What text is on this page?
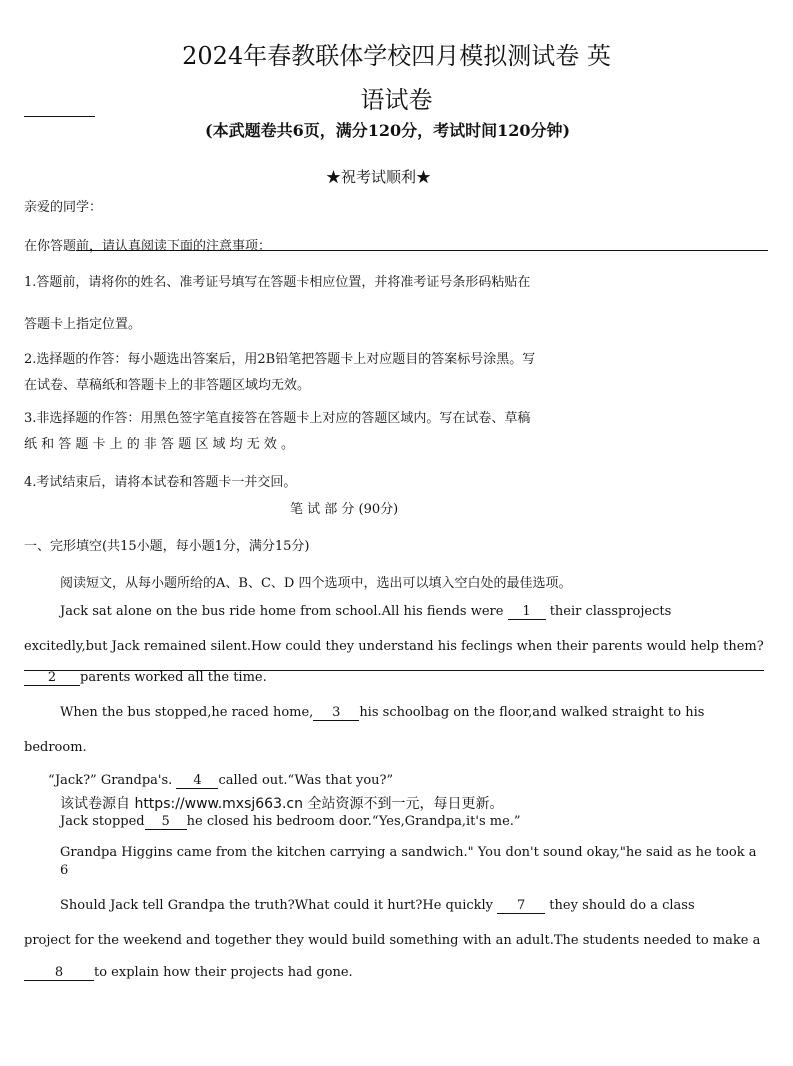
2024年春教联体学校四月模拟测试卷 英
语试卷
(本武题卷共6页，满分120分，考试时间120分钟)
★祝考试顺利★
亲爱的同学：
在你答题前，请认真阅读下面的注意事项：
1.答题前，请将你的姓名、准考证号填写在答题卡相应位置，并将准考证号条形码粘贴在
答题卡上指定位置。
2.选择题的作答：每小题选出答案后，用2B铅笔把答题卡上对应题目的答案标号涂黑。写
在试卷、草稿纸和答题卡上的非答题区域均无效。
3.非选择题的作答：用黑色签字笔直接答在答题卡上对应的答题区域内。写在试卷、草稿
纸 和 答 题 卡 上 的 非 答 题 区 域 均 无 效 。
4.考试结束后，请将本试卷和答题卡一并交回。
笔 试 部 分 (90分)
一、完形填空(共15小题，每小题1分，满分15分)
阅读短文，从每小题所给的A、B、C、D 四个选项中，选出可以填入空白处的最佳选项。
Jack sat alone on the bus ride home from school.All his fiends were 1 their classprojects
excitedly,but Jack remained silent.How could they understand his feclings when their parents would help them?
2 parents worked all the time.
When the bus stopped,he raced home, 3 his schoolbag on the floor,and walked straight to his
bedroom.
“Jack?” Grandpa's. 4 called out.“Was that you?”
该试卷源自 https://www.mxsj663.cn 全站资源不到一元，每日更新。
Jack stopped 5 he closed his bedroom door.“Yes,Grandpa,it's me.”
Grandpa Higgins came from the kitchen carrying a sandwich." You don't sound okay,"he said as he took a
6
Should Jack tell Grandpa the truth?What could it hurt?He quickly 7 they should do a class
project for the weekend and together they would build something with an adult.The students needed to make a
8 to explain how their projects had gone.
